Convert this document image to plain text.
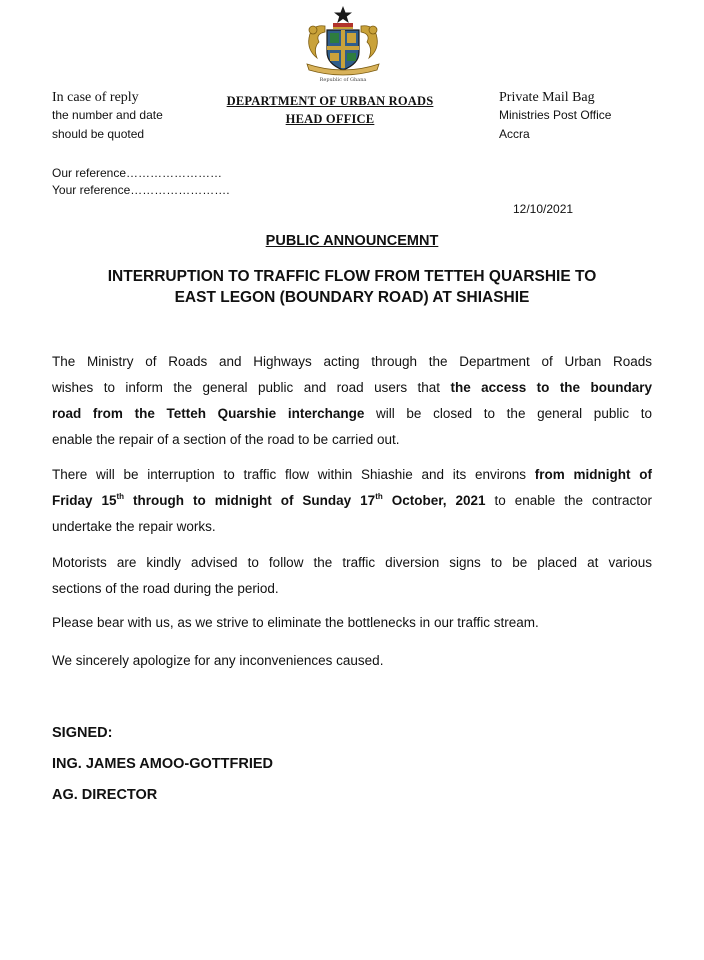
Republic of Ghana
In case of reply
the number and date
should be quoted
DEPARTMENT OF URBAN ROADS
HEAD OFFICE
Private Mail Bag
Ministries Post Office
Accra
Our reference……………………
Your reference…………………….
12/10/2021
PUBLIC ANNOUNCEMNT
INTERRUPTION TO TRAFFIC FLOW FROM TETTEH QUARSHIE TO
EAST LEGON (BOUNDARY ROAD) AT SHIASHIE
The Ministry of Roads and Highways acting through the Department of Urban Roads
wishes to inform the general public and road users that the access to the boundary
road from the Tetteh Quarshie interchange will be closed to the general public to
enable the repair of a section of the road to be carried out.
There will be interruption to traffic flow within Shiashie and its environs from midnight of
Friday 15th through to midnight of Sunday 17th October, 2021 to enable the contractor
undertake the repair works.
Motorists are kindly advised to follow the traffic diversion signs to be placed at various
sections of the road during the period.
Please bear with us, as we strive to eliminate the bottlenecks in our traffic stream.
We sincerely apologize for any inconveniences caused.
SIGNED:
ING. JAMES AMOO-GOTTFRIED
AG. DIRECTOR
